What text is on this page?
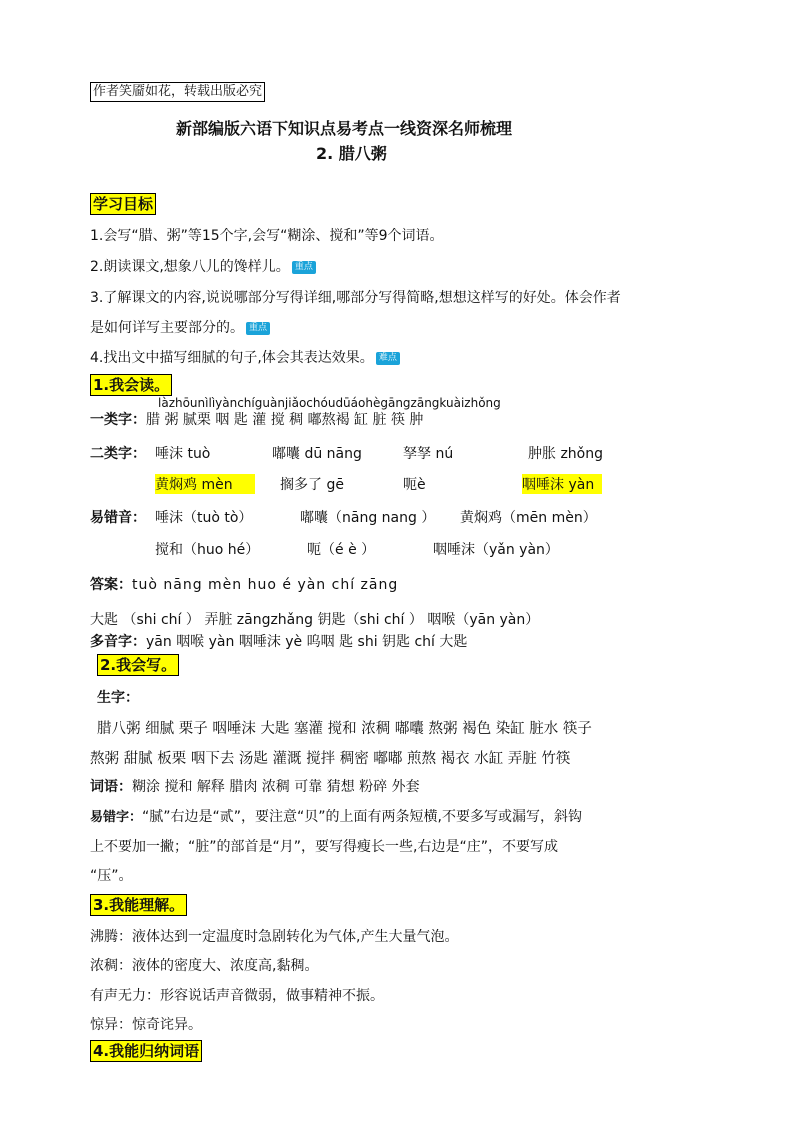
作者笑靥如花，转载出版必究
新部编版六语下知识点易考点一线资深名师梳理
2. 腊八粥
学习目标
1.会写“腊、粥”等15个字,会写“糊涂、搅和”等9个词语。
2.朗读课文,想象八儿的馋样儿。 重点
3.了解课文的内容,说说哪部分写得详细,哪部分写得简略,想想这样写的好处。体会作者
是如何详写主要部分的。 重点
4.找出文中描写细腻的句子,体会其表达效果。 难点
1.我会读。
làzhōunìlìyànchíguànjiǎochóudūáohègāngzāngkuàizhǒng
一类字：腊 粥 腻栗 咽 匙 灌 搅 稠 嘟熬褐 缸 脏 筷 肿
二类字： 唾沫 tuò	嘟囔 dū nāng	孥孥 nú	肿胀 zhǒng
黄焖鸡 mèn	搁多了 gē	呃è	咽唾沫 yàn
易错音： 唾沫（tuò tò）	嘟囔（nāng nang ） 黄焖鸡（mēn mèn）
搅和（huo hé）	呃（é è ）	咽唾沫（yǎn yàn）
答案：tuò nāng mèn huo é yàn chí zāng
大匙 （shi chí ） 弄脏 zāngzhǎng 钥匙（shi chí ） 咽喉（yān yàn）
多音字：yān 咽喉 yàn 咽唾沫 yè 呜咽 匙 shi 钥匙 chí 大匙
2.我会写。
生字：
腊八粥 细腻 栗子 咽唾沫 大匙 塞灌 搅和 浓稠 嘟囔 熬粥 褐色 染缸 脏水 筷子
熬粥 甜腻 板栗 咽下去 汤匙 灌溉 搅拌 稠密 嘟嘟 煎熬 褐衣 水缸 弄脏 竹筷
词语：糊涂 搅和 解释 腊肉 浓稠 可靠 猜想 粉碎 外套
易错字：“腻”右边是“贰”，要注意“贝”的上面有两条短横,不要多写或漏写，斜钩
上不要加一撇；“脏”的部首是“月”，要写得瘦长一些,右边是“庄”，不要写成
“压”。
3.我能理解。
沸腾：液体达到一定温度时急剧转化为气体,产生大量气泡。
浓稠：液体的密度大、浓度高,黏稠。
有声无力：形容说话声音微弱，做事精神不振。
惊异：惊奇诧异。
4.我能归纳词语
